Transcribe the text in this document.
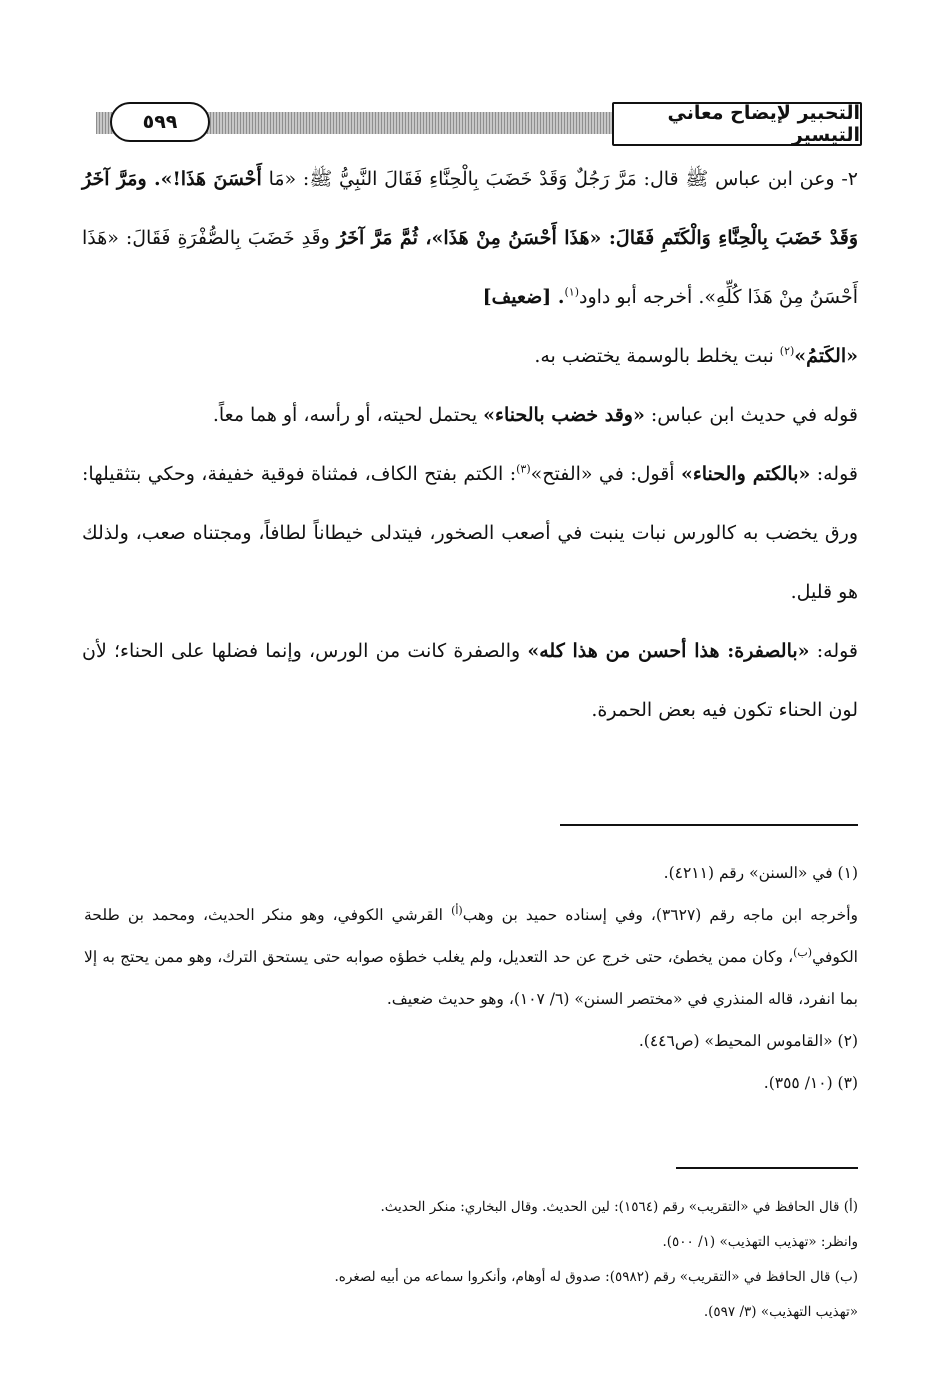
التحبير لإيضاح معاني التيسير
٥٩٩

٢- وعن ابن عباس ﷺ قال: مَرَّ رَجُلٌ وَقَدْ خَضَبَ بِالْحِنَّاءِ فَقَالَ النَّبِيُّ ﷺ: «مَا أَحْسَنَ هَذَا!». ومَرَّ آخَرُ وَقَدْ خَضَبَ بِالْحِنَّاءِ وَالْكَتَمِ فَقَالَ: «هَذَا أَحْسَنُ مِنْ هَذَا»، ثُمَّ مَرَّ آخَرُ وقَدِ خَضَبَ بِالصُّفْرَةِ فَقَالَ: «هَذَا أَحْسَنُ مِنْ هَذَا كُلِّهِ». أخرجه أبو داود$^{(١)}$. [ضعيف]

«الكَتمُ»$^{(٢)}$ نبت يخلط بالوسمة يختضب به.

قوله في حديث ابن عباس: «وقد خضب بالحناء» يحتمل لحيته، أو رأسه، أو هما معاً.

قوله: «بالكتم والحناء» أقول: في «الفتح»$^{(٣)}$: الكتم بفتح الكاف، فمثناة فوقية خفيفة، وحكي بتثقيلها: ورق يخضب به كالورس نبات ينبت في أصعب الصخور، فيتدلى خيطاناً لطافاً، ومجتناه صعب، ولذلك هو قليل.

قوله: «بالصفرة: هذا أحسن من هذا كله» والصفرة كانت من الورس، وإنما فضلها على الحناء؛ لأن لون الحناء تكون فيه بعض الحمرة.

(١) في «السنن» رقم (٤٢١١).

وأخرجه ابن ماجه رقم (٣٦٢٧)، وفي إسناده حميد بن وهب$^{(أ)}$ القرشي الكوفي، وهو منكر الحديث، ومحمد بن طلحة الكوفي$^{(ب)}$، وكان ممن يخطئ، حتى خرج عن حد التعديل، ولم يغلب خطؤه صوابه حتى يستحق الترك، وهو ممن يحتج به إلا بما انفرد، قاله المنذري في «مختصر السنن» (٦/ ١٠٧)، وهو حديث ضعيف.

(٢) «القاموس المحيط» (ص٤٤٦).

(٣) (١٠/ ٣٥٥).

(أ) قال الحافظ في «التقريب» رقم (١٥٦٤): لين الحديث. وقال البخاري: منكر الحديث.

وانظر: «تهذيب التهذيب» (١/ ٥٠٠).

(ب) قال الحافظ في «التقريب» رقم (٥٩٨٢): صدوق له أوهام، وأنكروا سماعه من أبيه لصغره.

«تهذيب التهذيب» (٣/ ٥٩٧).
